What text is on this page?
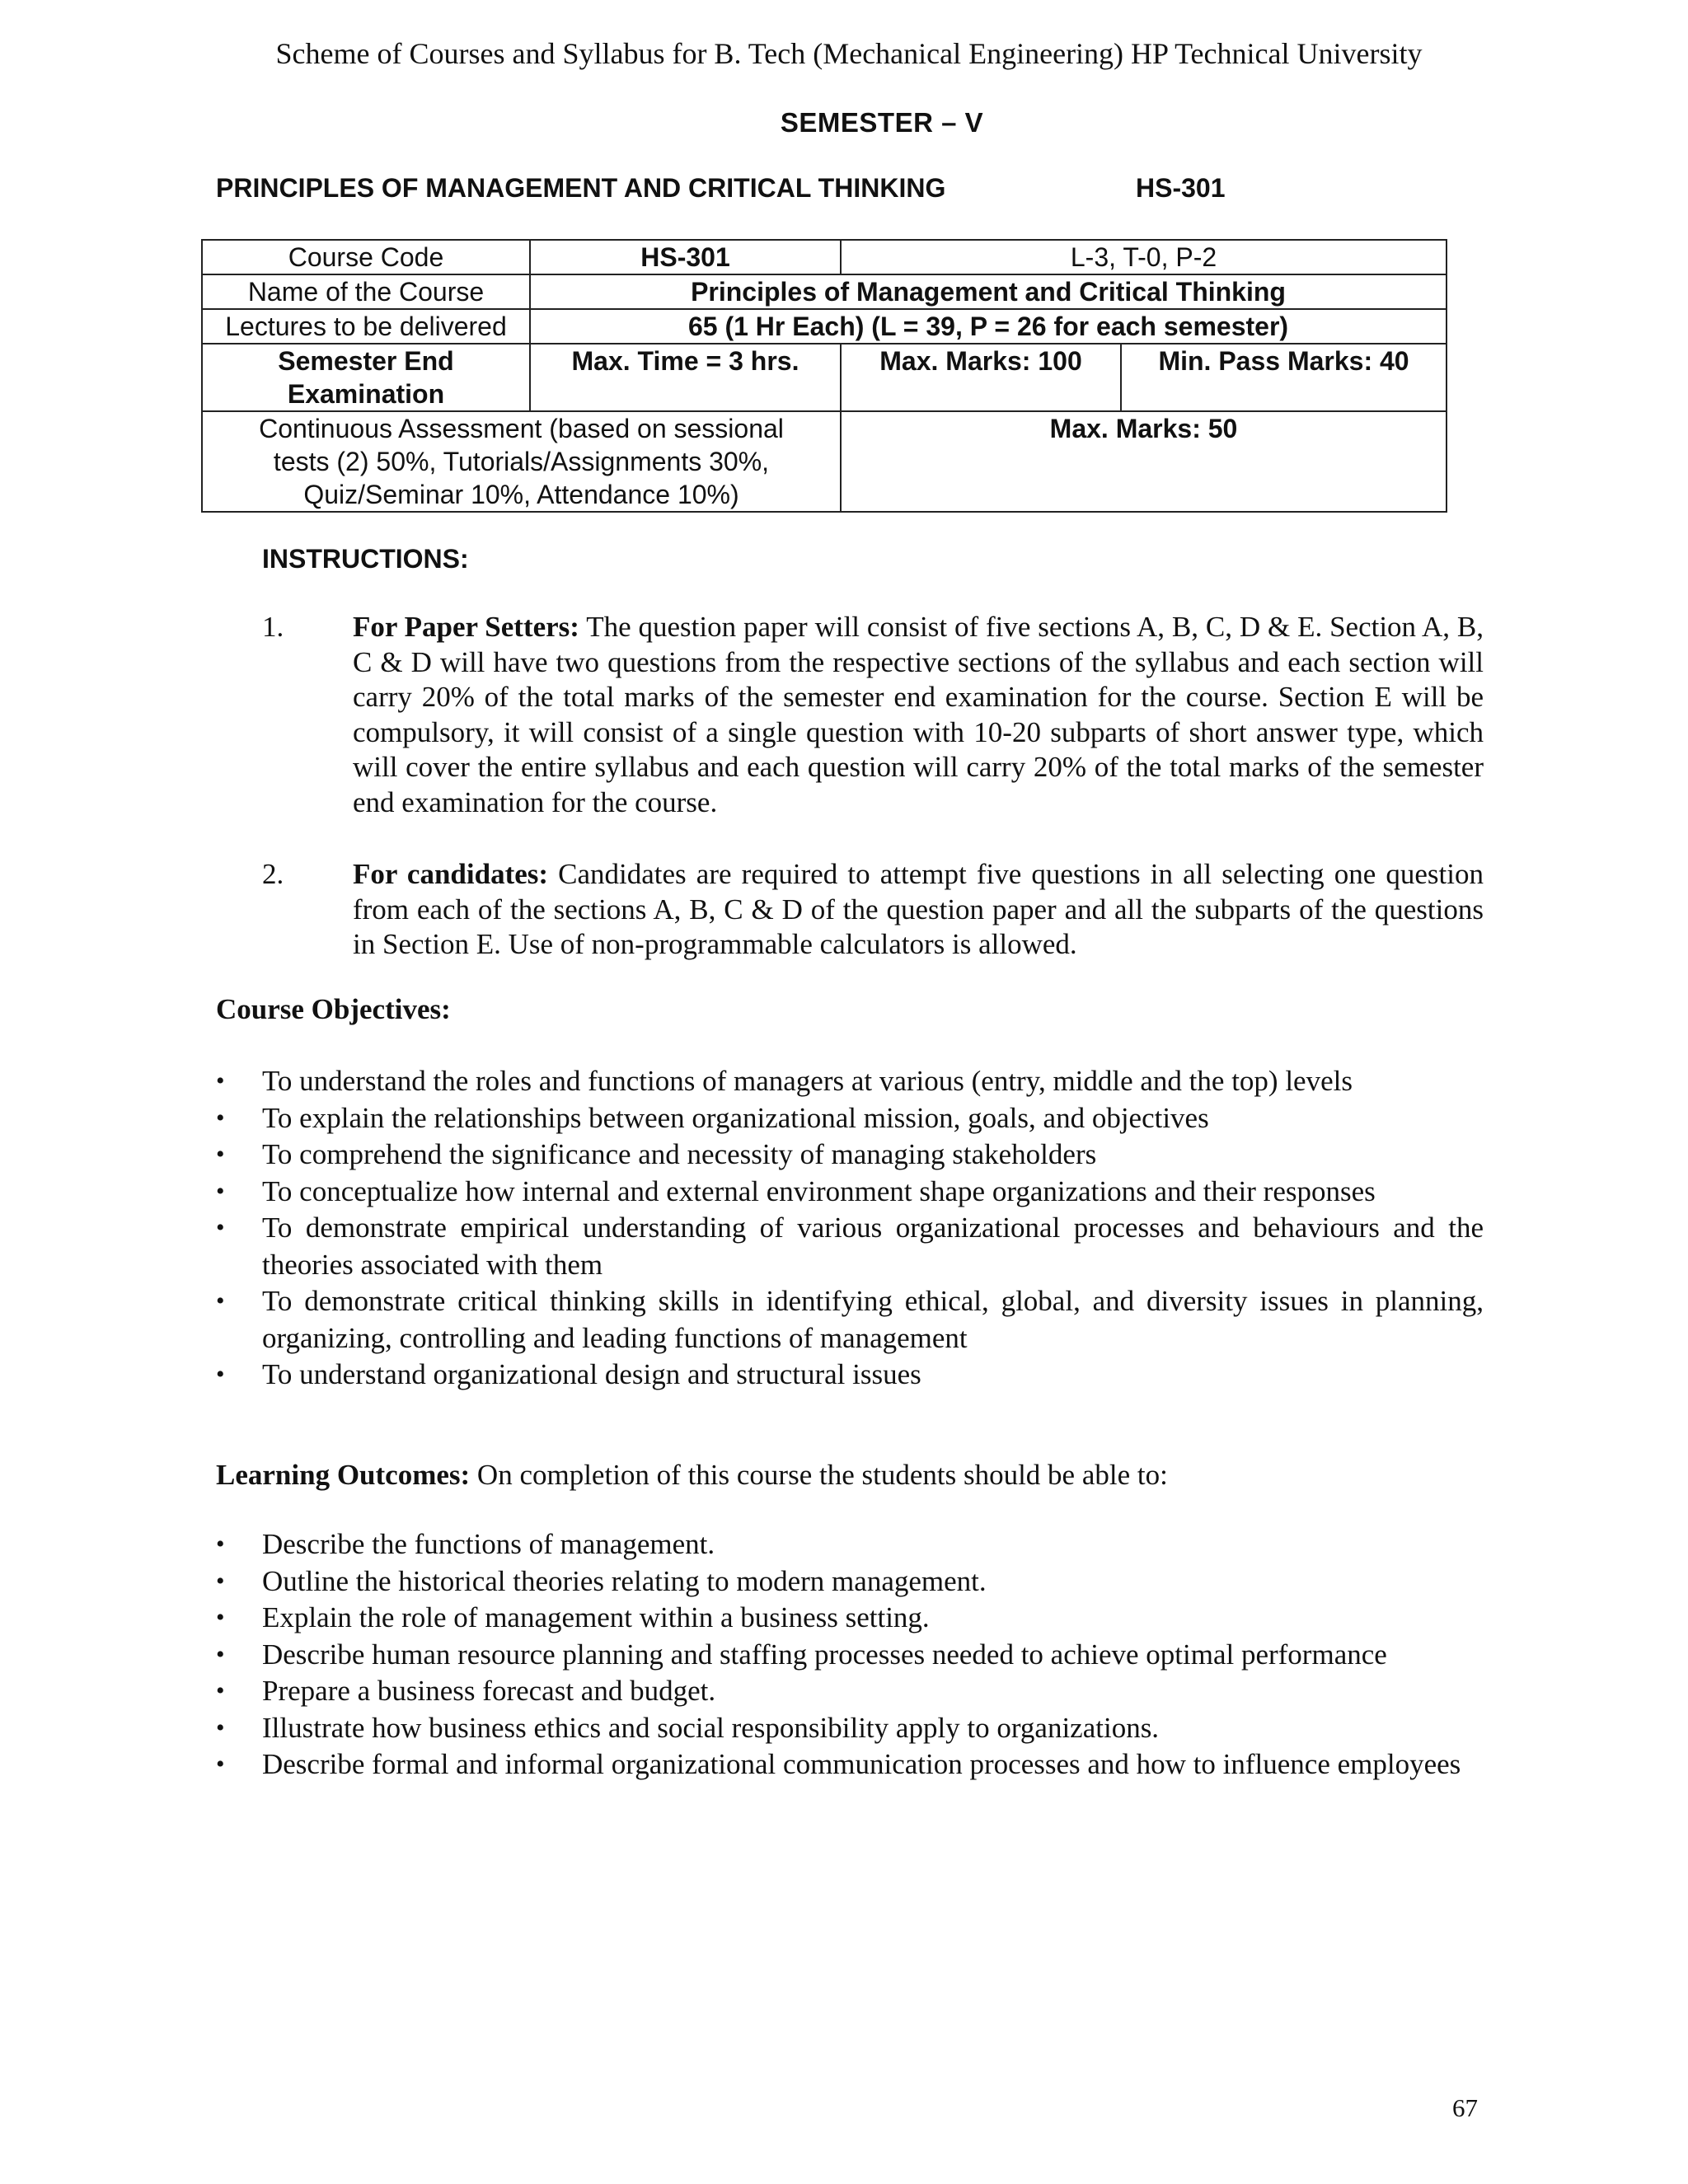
Scheme of Courses and Syllabus for B. Tech (Mechanical Engineering) HP Technical University
SEMESTER – V
PRINCIPLES OF MANAGEMENT AND CRITICAL THINKING	HS-301
Course Code	HS-301	L-3, T-0, P-2	
Name of the Course	Principles of Management and Critical Thinking		
Lectures to be delivered	65 (1 Hr Each) (L = 39, P = 26 for each semester)		
Semester End Examination	Max. Time = 3 hrs.	Max. Marks: 100	Min. Pass Marks: 40
Continuous Assessment (based on sessional tests (2) 50%, Tutorials/Assignments 30%, Quiz/Seminar 10%, Attendance 10%)		Max. Marks: 50	
INSTRUCTIONS:
1. For Paper Setters: The question paper will consist of five sections A, B, C, D & E. Section A, B, C & D will have two questions from the respective sections of the syllabus and each section will carry 20% of the total marks of the semester end examination for the course. Section E will be compulsory, it will consist of a single question with 10-20 subparts of short answer type, which will cover the entire syllabus and each question will carry 20% of the total marks of the semester end examination for the course.
2. For candidates: Candidates are required to attempt five questions in all selecting one question from each of the sections A, B, C & D of the question paper and all the subparts of the questions in Section E. Use of non-programmable calculators is allowed.
Course Objectives:
• To understand the roles and functions of managers at various (entry, middle and the top) levels
• To explain the relationships between organizational mission, goals, and objectives
• To comprehend the significance and necessity of managing stakeholders
• To conceptualize how internal and external environment shape organizations and their responses
• To demonstrate empirical understanding of various organizational processes and behaviours and the theories associated with them
• To demonstrate critical thinking skills in identifying ethical, global, and diversity issues in planning, organizing, controlling and leading functions of management
• To understand organizational design and structural issues
Learning Outcomes: On completion of this course the students should be able to:
• Describe the functions of management.
• Outline the historical theories relating to modern management.
• Explain the role of management within a business setting.
• Describe human resource planning and staffing processes needed to achieve optimal performance
• Prepare a business forecast and budget.
• Illustrate how business ethics and social responsibility apply to organizations.
• Describe formal and informal organizational communication processes and how to influence employees
67
